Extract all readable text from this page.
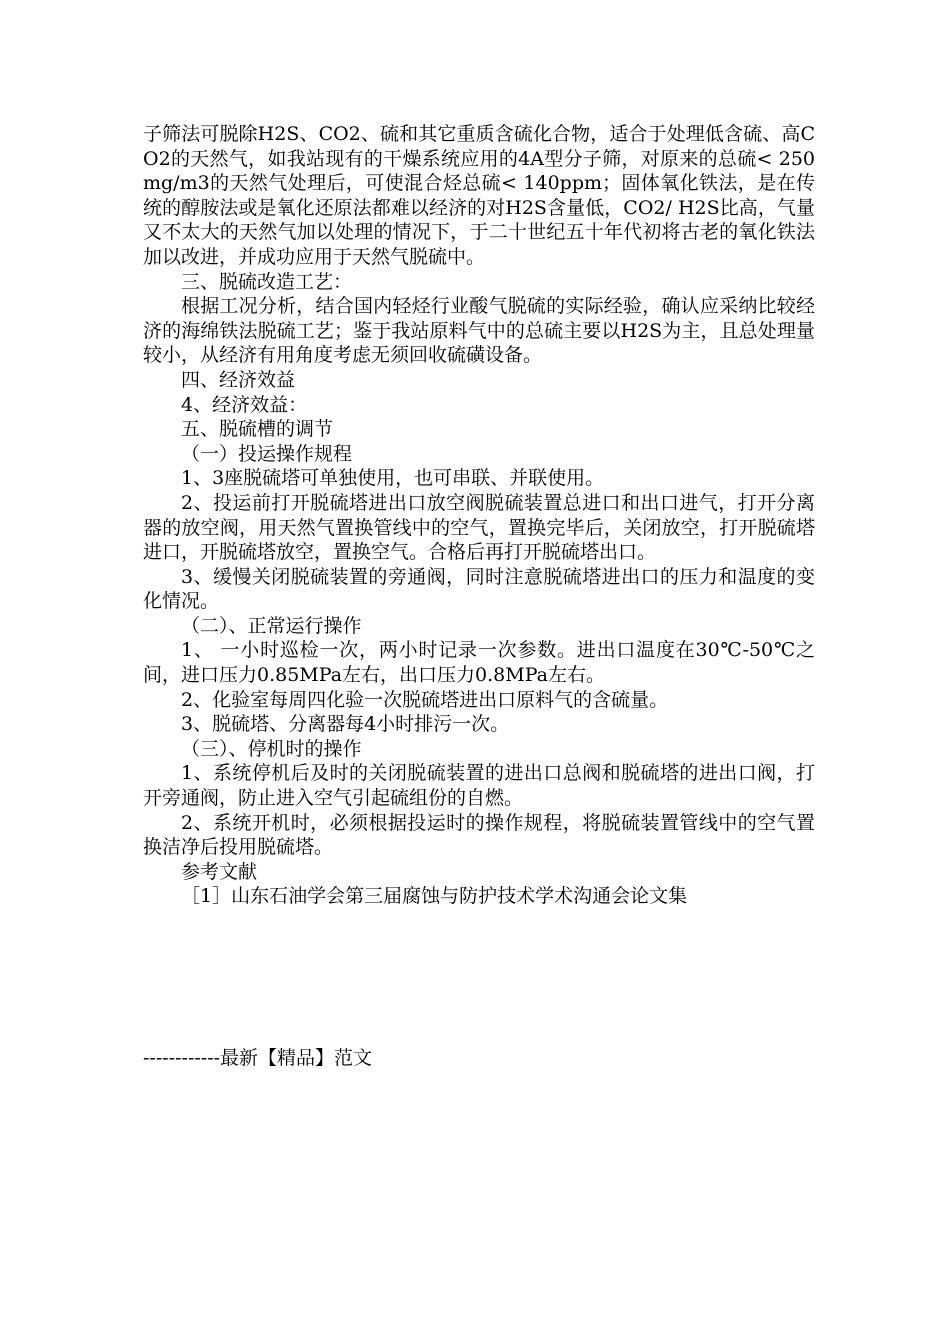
子筛法可脱除H2S、CO2、硫和其它重质含硫化合物，适合于处理低含硫、高CO2的天然气，如我站现有的干燥系统应用的4A型分子筛，对原来的总硫< 250mg/m3的天然气处理后，可使混合烃总硫< 140ppm；固体氧化铁法，是在传统的醇胺法或是氧化还原法都难以经济的对H2S含量低，CO2/ H2S比高，气量又不太大的天然气加以处理的情况下，于二十世纪五十年代初将古老的氧化铁法加以改进，并成功应用于天然气脱硫中。

三、脱硫改造工艺：

根据工况分析，结合国内轻烃行业酸气脱硫的实际经验，确认应采纳比较经济的海绵铁法脱硫工艺；鉴于我站原料气中的总硫主要以H2S为主，且总处理量较小，从经济有用角度考虑无须回收硫磺设备。

四、经济效益

4、经济效益：

五、脱硫槽的调节

（一）投运操作规程

1、3座脱硫塔可单独使用，也可串联、并联使用。

2、投运前打开脱硫塔进出口放空阀脱硫装置总进口和出口进气，打开分离器的放空阀，用天然气置换管线中的空气，置换完毕后，关闭放空，打开脱硫塔进口，开脱硫塔放空，置换空气。合格后再打开脱硫塔出口。

3、缓慢关闭脱硫装置的旁通阀，同时注意脱硫塔进出口的压力和温度的变化情况。

（二）、正常运行操作

1、 一小时巡检一次，两小时记录一次参数。进出口温度在30℃-50℃之间，进口压力0.85MPa左右，出口压力0.8MPa左右。

2、化验室每周四化验一次脱硫塔进出口原料气的含硫量。

3、脱硫塔、分离器每4小时排污一次。

（三）、停机时的操作

1、系统停机后及时的关闭脱硫装置的进出口总阀和脱硫塔的进出口阀，打开旁通阀，防止进入空气引起硫组份的自燃。

2、系统开机时，必须根据投运时的操作规程，将脱硫装置管线中的空气置换洁净后投用脱硫塔。

参考文献

［1］山东石油学会第三届腐蚀与防护技术学术沟通会论文集

------------最新【精品】范文
